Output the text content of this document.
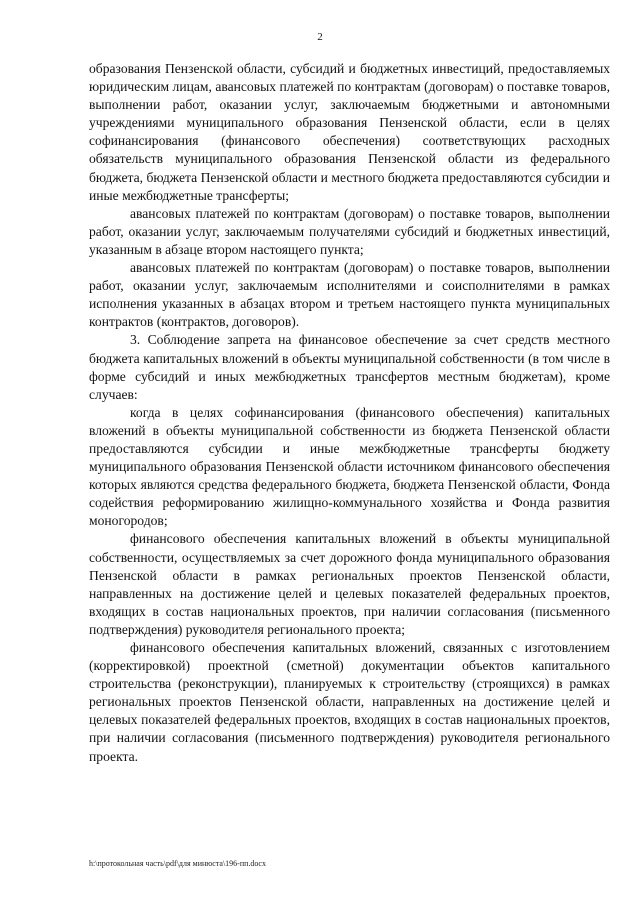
2

образования Пензенской области, субсидий и бюджетных инвестиций, предоставляемых юридическим лицам, авансовых платежей по контрактам (договорам) о поставке товаров, выполнении работ, оказании услуг, заключаемым бюджетными и автономными учреждениями муниципального образования Пензенской области, если в целях софинансирования (финансового обеспечения) соответствующих расходных обязательств муниципального образования Пензенской области из федерального бюджета, бюджета Пензенской области и местного бюджета предоставляются субсидии и иные межбюджетные трансферты;

авансовых платежей по контрактам (договорам) о поставке товаров, выполнении работ, оказании услуг, заключаемым получателями субсидий и бюджетных инвестиций, указанным в абзаце втором настоящего пункта;

авансовых платежей по контрактам (договорам) о поставке товаров, выполнении работ, оказании услуг, заключаемым исполнителями и соисполнителями в рамках исполнения указанных в абзацах втором и третьем настоящего пункта муниципальных контрактов (контрактов, договоров).

3. Соблюдение запрета на финансовое обеспечение за счет средств местного бюджета капитальных вложений в объекты муниципальной собственности (в том числе в форме субсидий и иных межбюджетных трансфертов местным бюджетам), кроме случаев:

когда в целях софинансирования (финансового обеспечения) капитальных вложений в объекты муниципальной собственности из бюджета Пензенской области предоставляются субсидии и иные межбюджетные трансферты бюджету муниципального образования Пензенской области источником финансового обеспечения которых являются средства федерального бюджета, бюджета Пензенской области, Фонда содействия реформированию жилищно-коммунального хозяйства и Фонда развития моногородов;

финансового обеспечения капитальных вложений в объекты муниципальной собственности, осуществляемых за счет дорожного фонда муниципального образования Пензенской области в рамках региональных проектов Пензенской области, направленных на достижение целей и целевых показателей федеральных проектов, входящих в состав национальных проектов, при наличии согласования (письменного подтверждения) руководителя регионального проекта;

финансового обеспечения капитальных вложений, связанных с изготовлением (корректировкой) проектной (сметной) документации объектов капитального строительства (реконструкции), планируемых к строительству (строящихся) в рамках региональных проектов Пензенской области, направленных на достижение целей и целевых показателей федеральных проектов, входящих в состав национальных проектов, при наличии согласования (письменного подтверждения) руководителя регионального проекта.

h:\протокольная часть\pdf\для минюста\196-пп.docx
